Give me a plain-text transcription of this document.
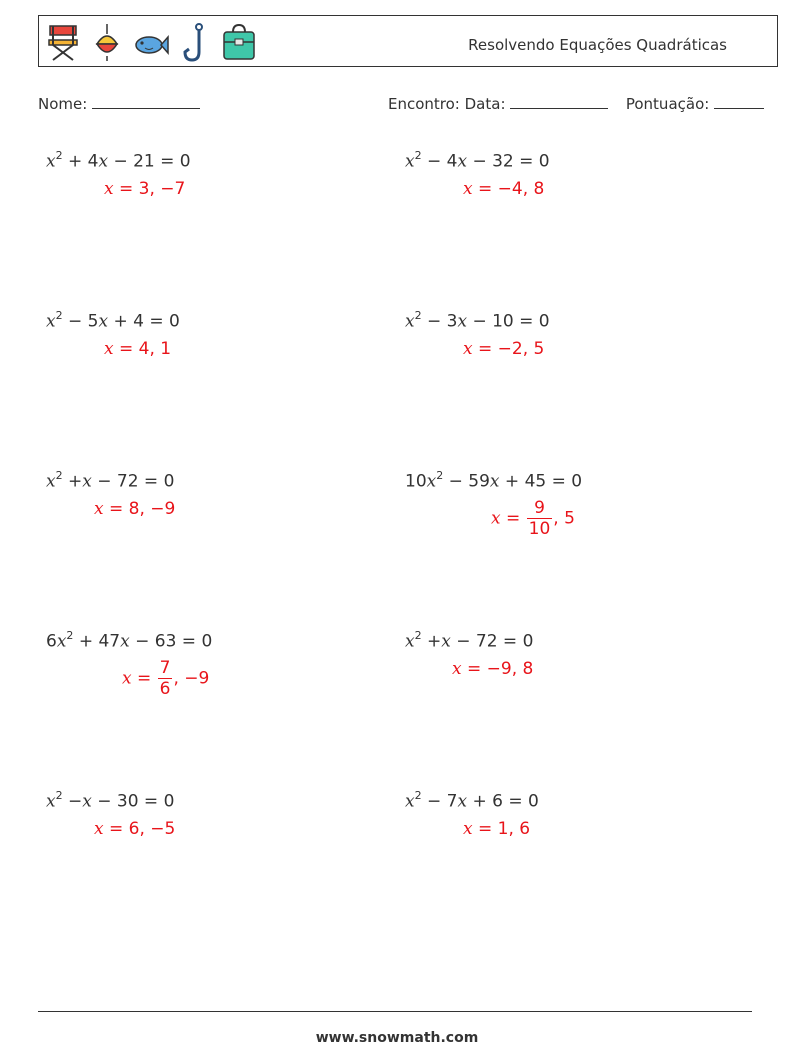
Resolvendo Equações Quadráticas
Nome:	Encontro: Data:	Pontuação:
$x^2 + 4x - 21 = 0$
x = 3, −7
$x^2 - 4x - 32 = 0$
x = −4, 8
$x^2 - 5x + 4 = 0$
x = 4, 1
$x^2 - 3x - 10 = 0$
x = −2, 5
$x^2 +x - 72 = 0$
x = 8, −9
$10x^2 - 59x + 45 = 0$
$x = \frac{9}{10}$ , 5
$6x^2 + 47x - 63 = 0$
$x = \frac{7}{6}$ , −9
$x^2 +x - 72 = 0$
x = −9, 8
$x^2 -x - 30 = 0$
x = 6, −5
$x^2 - 7x + 6 = 0$
x = 1, 6
www.snowmath.com
